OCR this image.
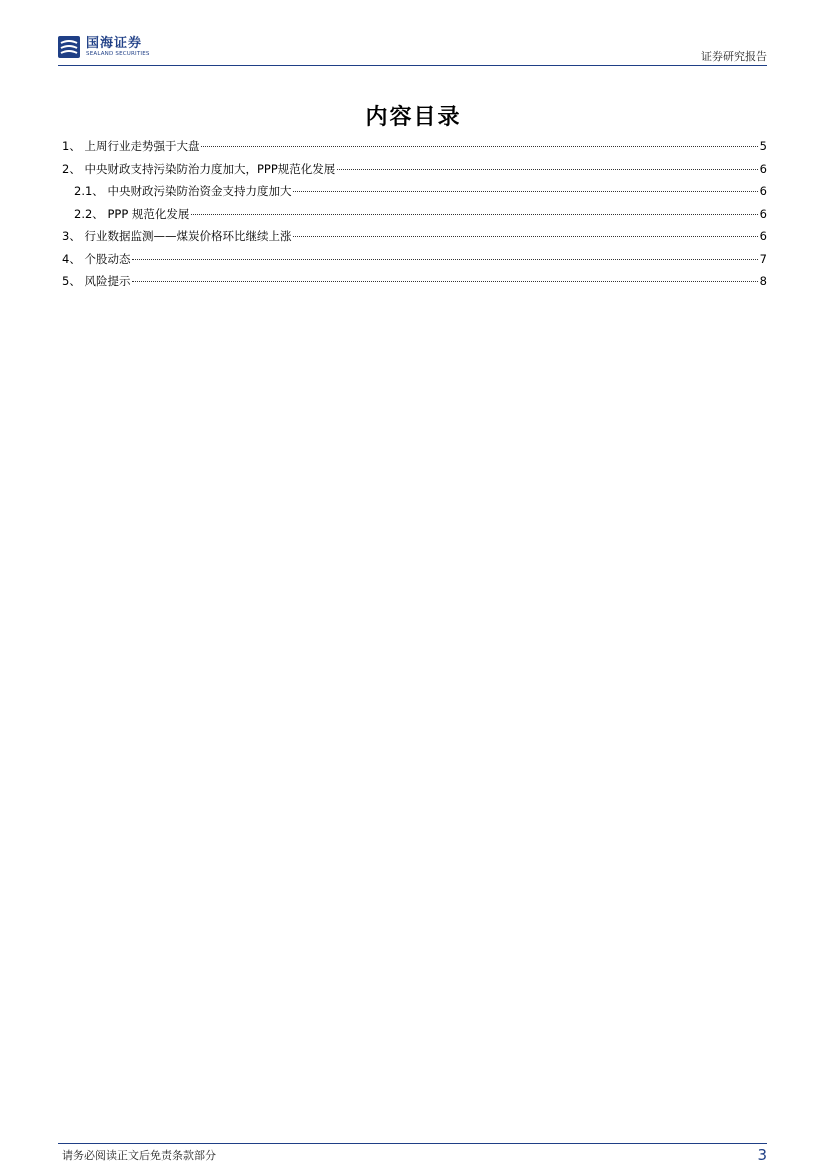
国海证券
SEALAND SECURITIES	证券研究报告
内容目录
1、 上周行业走势强于大盘	5
2、 中央财政支持污染防治力度加大，PPP规范化发展	6
2.1、 中央财政污染防治资金支持力度加大	6
2.2、 PPP 规范化发展	6
3、 行业数据监测——煤炭价格环比继续上涨	6
4、 个股动态	7
5、 风险提示	8
请务必阅读正文后免责条款部分	3
